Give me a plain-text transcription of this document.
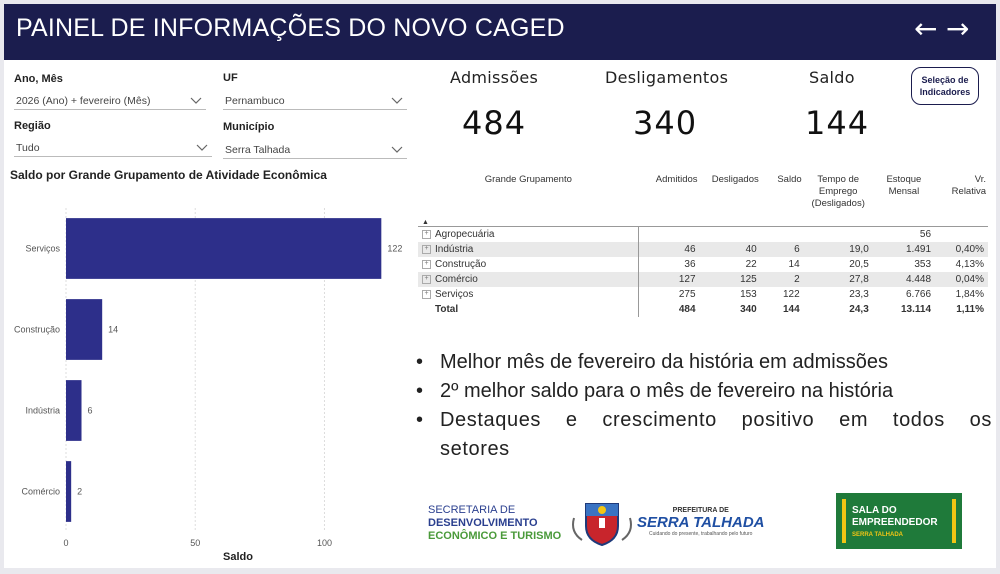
PAINEL DE INFORMAÇÕES DO NOVO CAGED	← →
Ano, Mês
2026 (Ano) + fevereiro (Mês)
UF
Pernambuco
Região
Tudo
Município
Serra Talhada
Saldo por Grande Grupamento de Atividade Econômica
0	50	100
Serviços	122
Construção	14
Indústria	6
Comércio 2
Saldo
Admissões
484
Desligamentos
340
Saldo
144
Seleção de
Indicadores
Grande Grupamento	Admitidos	Desligados	Saldo	Tempo de
Emprego
(Desligados)	Estoque
Mensal	Vr.
Relativa
▲						
+ Agropecuária					56	
+ Indústria	46	40	6	19,0	1.491	0,40%
+ Construção	36	22	14	20,5	353	4,13%
+ Comércio	127	125	2	27,8	4.448	0,04%
+ Serviços	275	153	122	23,3	6.766	1,84%
Total	484	340	144	24,3	13.114	1,11%
• Melhor mês de fevereiro da história em admissões
• 2º melhor saldo para o mês de fevereiro na história
• Destaques e crescimento positivo em todos os setores
SECRETARIA DE
DESENVOLVIMENTO
ECONÔMICO E TURISMO
PREFEITURA DE
SERRA TALHADA
Cuidando do presente, trabalhando pelo futuro
SALA DO
EMPREENDEDOR
SERRA TALHADA
